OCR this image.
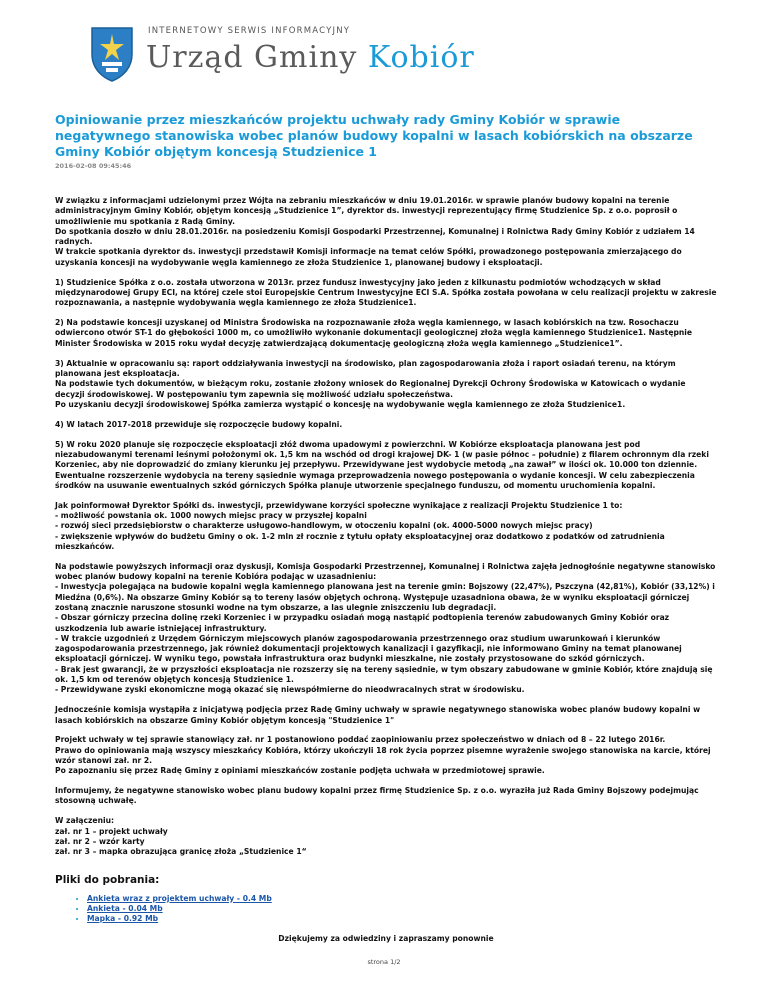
INTERNETOWY SERWIS INFORMACYJNY
Urząd Gminy Kobiór
Opiniowanie przez mieszkańców projektu uchwały rady Gminy Kobiór w sprawie negatywnego stanowiska wobec planów budowy kopalni w lasach kobiórskich na obszarze Gminy Kobiór objętym koncesją Studzienice 1
2016-02-08 09:45:46

W związku z informacjami udzielonymi przez Wójta na zebraniu mieszkańców w dniu 19.01.2016r. w sprawie planów budowy kopalni na terenie administracyjnym Gminy Kobiór, objętym koncesją „Studzienice 1”, dyrektor ds. inwestycji reprezentujący firmę Studzienice Sp. z o.o. poprosił o umożliwienie mu spotkania z Radą Gminy.
Do spotkania doszło w dniu 28.01.2016r. na posiedzeniu Komisji Gospodarki Przestrzennej, Komunalnej i Rolnictwa Rady Gminy Kobiór z udziałem 14 radnych.
W trakcie spotkania dyrektor ds. inwestycji przedstawił Komisji informacje na temat celów Spółki, prowadzonego postępowania zmierzającego do uzyskania koncesji na wydobywanie węgla kamiennego ze złoża Studzienice 1, planowanej budowy i eksploatacji.

1) Studzienice Spółka z o.o. została utworzona w 2013r. przez fundusz inwestycyjny jako jeden z kilkunastu podmiotów wchodzących w skład międzynarodowej Grupy ECI, na której czele stoi Europejskie Centrum Inwestycyjne ECI S.A. Spółka została powołana w celu realizacji projektu w zakresie rozpoznawania, a następnie wydobywania węgla kamiennego ze złoża Studzienice1.

2) Na podstawie koncesji uzyskanej od Ministra Środowiska na rozpoznawanie złoża węgla kamiennego, w lasach kobiórskich na tzw. Rosochaczu odwiercono otwór ST-1 do głębokości 1000 m, co umożliwiło wykonanie dokumentacji geologicznej złoża węgla kamiennego Studzienice1. Następnie Minister Środowiska w 2015 roku wydał decyzję zatwierdzającą dokumentację geologiczną złoża węgla kamiennego „Studzienice1”.

3) Aktualnie w opracowaniu są: raport oddziaływania inwestycji na środowisko, plan zagospodarowania złoża i raport osiadań terenu, na którym planowana jest eksploatacja.
Na podstawie tych dokumentów, w bieżącym roku, zostanie złożony wniosek do Regionalnej Dyrekcji Ochrony Środowiska w Katowicach o wydanie decyzji środowiskowej. W postępowaniu tym zapewnia się możliwość udziału społeczeństwa.
Po uzyskaniu decyzji środowiskowej Spółka zamierza wystąpić o koncesję na wydobywanie węgla kamiennego ze złoża Studzienice1.

4) W latach 2017-2018 przewiduje się rozpoczęcie budowy kopalni.

5) W roku 2020 planuje się rozpoczęcie eksploatacji złóż dwoma upadowymi z powierzchni. W Kobiórze eksploatacja planowana jest pod niezabudowanymi terenami leśnymi położonymi ok. 1,5 km na wschód od drogi krajowej DK- 1 (w pasie północ – południe) z filarem ochronnym dla rzeki Korzeniec, aby nie doprowadzić do zmiany kierunku jej przepływu. Przewidywane jest wydobycie metodą „na zawał” w ilości ok. 10.000 ton dziennie. Ewentualne rozszerzenie wydobycia na tereny sąsiednie wymaga przeprowadzenia nowego postępowania o wydanie koncesji. W celu zabezpieczenia środków na usuwanie ewentualnych szkód górniczych Spółka planuje utworzenie specjalnego funduszu, od momentu uruchomienia kopalni.

Jak poinformował Dyrektor Spółki ds. inwestycji, przewidywane korzyści społeczne wynikające z realizacji Projektu Studzienice 1 to:
- możliwość powstania ok. 1000 nowych miejsc pracy w przyszłej kopalni
- rozwój sieci przedsiębiorstw o charakterze usługowo-handlowym, w otoczeniu kopalni (ok. 4000-5000 nowych miejsc pracy)
- zwiększenie wpływów do budżetu Gminy o ok. 1-2 mln zł rocznie z tytułu opłaty eksploatacyjnej oraz dodatkowo z podatków od zatrudnienia mieszkańców.

Na podstawie powyższych informacji oraz dyskusji, Komisja Gospodarki Przestrzennej, Komunalnej i Rolnictwa zajęła jednogłośnie negatywne stanowisko wobec planów budowy kopalni na terenie Kobióra podając w uzasadnieniu:
- Inwestycja polegająca na budowie kopalni węgla kamiennego planowana jest na terenie gmin: Bojszowy (22,47%), Pszczyna (42,81%), Kobiór (33,12%) i Miedźna (0,6%). Na obszarze Gminy Kobiór są to tereny lasów objętych ochroną. Występuje uzasadniona obawa, że w wyniku eksploatacji górniczej zostaną znacznie naruszone stosunki wodne na tym obszarze, a las ulegnie zniszczeniu lub degradacji.
- Obszar górniczy przecina dolinę rzeki Korzeniec i w przypadku osiadań mogą nastąpić podtopienia terenów zabudowanych Gminy Kobiór oraz uszkodzenia lub awarie istniejącej infrastruktury.
- W trakcie uzgodnień z Urzędem Górniczym miejscowych planów zagospodarowania przestrzennego oraz studium uwarunkowań i kierunków zagospodarowania przestrzennego, jak również dokumentacji projektowych kanalizacji i gazyfikacji, nie informowano Gminy na temat planowanej eksploatacji górniczej. W wyniku tego, powstała infrastruktura oraz budynki mieszkalne, nie zostały przystosowane do szkód górniczych.
- Brak jest gwarancji, że w przyszłości eksploatacja nie rozszerzy się na tereny sąsiednie, w tym obszary zabudowane w gminie Kobiór, które znajdują się ok. 1,5 km od terenów objętych koncesją Studzienice 1.
- Przewidywane zyski ekonomiczne mogą okazać się niewspółmierne do nieodwracalnych strat w środowisku.

Jednocześnie komisja wystąpiła z inicjatywą podjęcia przez Radę Gminy uchwały w sprawie negatywnego stanowiska wobec planów budowy kopalni w lasach kobiórskich na obszarze Gminy Kobiór objętym koncesją "Studzienice 1"

Projekt uchwały w tej sprawie stanowiący zał. nr 1 postanowiono poddać zaopiniowaniu przez społeczeństwo w dniach od 8 – 22 lutego 2016r.
Prawo do opiniowania mają wszyscy mieszkańcy Kobióra, którzy ukończyli 18 rok życia poprzez pisemne wyrażenie swojego stanowiska na karcie, której wzór stanowi zał. nr 2.
Po zapoznaniu się przez Radę Gminy z opiniami mieszkańców zostanie podjęta uchwała w przedmiotowej sprawie.

Informujemy, że negatywne stanowisko wobec planu budowy kopalni przez firmę Studzienice Sp. z o.o. wyraziła już Rada Gminy Bojszowy podejmując stosowną uchwałę.

W załączeniu:
zał. nr 1 – projekt uchwały
zał. nr 2 – wzór karty
zał. nr 3 – mapka obrazująca granicę złoża „Studzienice 1“

Pliki do pobrania:
• Ankieta wraz z projektem uchwały - 0.4 Mb
• Ankieta - 0.04 Mb
• Mapka - 0.92 Mb
Dziękujemy za odwiedziny i zapraszamy ponownie
strona 1/2
